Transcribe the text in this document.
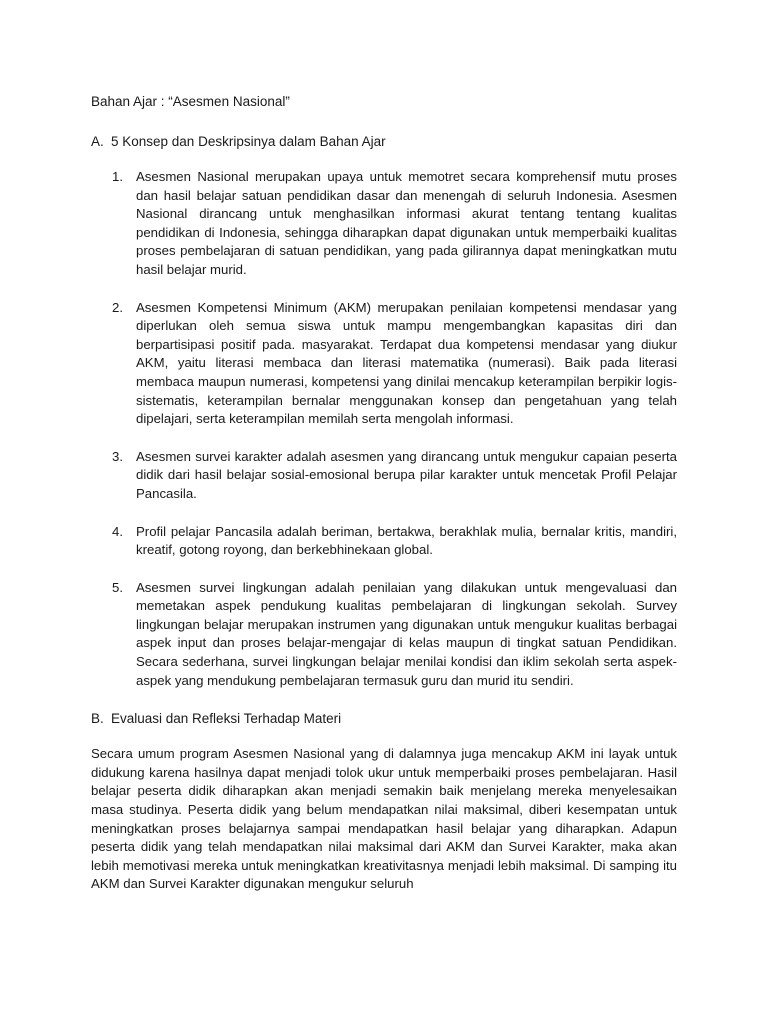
Bahan Ajar : “Asesmen Nasional”
A. 5 Konsep dan Deskripsinya dalam Bahan Ajar
1. Asesmen Nasional merupakan upaya untuk memotret secara komprehensif mutu proses dan hasil belajar satuan pendidikan dasar dan menengah di seluruh Indonesia. Asesmen Nasional dirancang untuk menghasilkan informasi akurat tentang tentang kualitas pendidikan di Indonesia, sehingga diharapkan dapat digunakan untuk memperbaiki kualitas proses pembelajaran di satuan pendidikan, yang pada gilirannya dapat meningkatkan mutu hasil belajar murid.
2. Asesmen Kompetensi Minimum (AKM) merupakan penilaian kompetensi mendasar yang diperlukan oleh semua siswa untuk mampu mengembangkan kapasitas diri dan berpartisipasi positif pada. masyarakat. Terdapat dua kompetensi mendasar yang diukur AKM, yaitu literasi membaca dan literasi matematika (numerasi). Baik pada literasi membaca maupun numerasi, kompetensi yang dinilai mencakup keterampilan berpikir logis-sistematis, keterampilan bernalar menggunakan konsep dan pengetahuan yang telah dipelajari, serta keterampilan memilah serta mengolah informasi.
3. Asesmen survei karakter adalah asesmen yang dirancang untuk mengukur capaian peserta didik dari hasil belajar sosial-emosional berupa pilar karakter untuk mencetak Profil Pelajar Pancasila.
4. Profil pelajar Pancasila adalah beriman, bertakwa, berakhlak mulia, bernalar kritis, mandiri, kreatif, gotong royong, dan berkebhinekaan global.
5. Asesmen survei lingkungan adalah penilaian yang dilakukan untuk mengevaluasi dan memetakan aspek pendukung kualitas pembelajaran di lingkungan sekolah. Survey lingkungan belajar merupakan instrumen yang digunakan untuk mengukur kualitas berbagai aspek input dan proses belajar-mengajar di kelas maupun di tingkat satuan Pendidikan. Secara sederhana, survei lingkungan belajar menilai kondisi dan iklim sekolah serta aspek-aspek yang mendukung pembelajaran termasuk guru dan murid itu sendiri.
B. Evaluasi dan Refleksi Terhadap Materi

Secara umum program Asesmen Nasional yang di dalamnya juga mencakup AKM ini layak untuk didukung karena hasilnya dapat menjadi tolok ukur untuk memperbaiki proses pembelajaran. Hasil belajar peserta didik diharapkan akan menjadi semakin baik menjelang mereka menyelesaikan masa studinya. Peserta didik yang belum mendapatkan nilai maksimal, diberi kesempatan untuk meningkatkan proses belajarnya sampai mendapatkan hasil belajar yang diharapkan. Adapun peserta didik yang telah mendapatkan nilai maksimal dari AKM dan Survei Karakter, maka akan lebih memotivasi mereka untuk meningkatkan kreativitasnya menjadi lebih maksimal. Di samping itu AKM dan Survei Karakter digunakan mengukur seluruh
